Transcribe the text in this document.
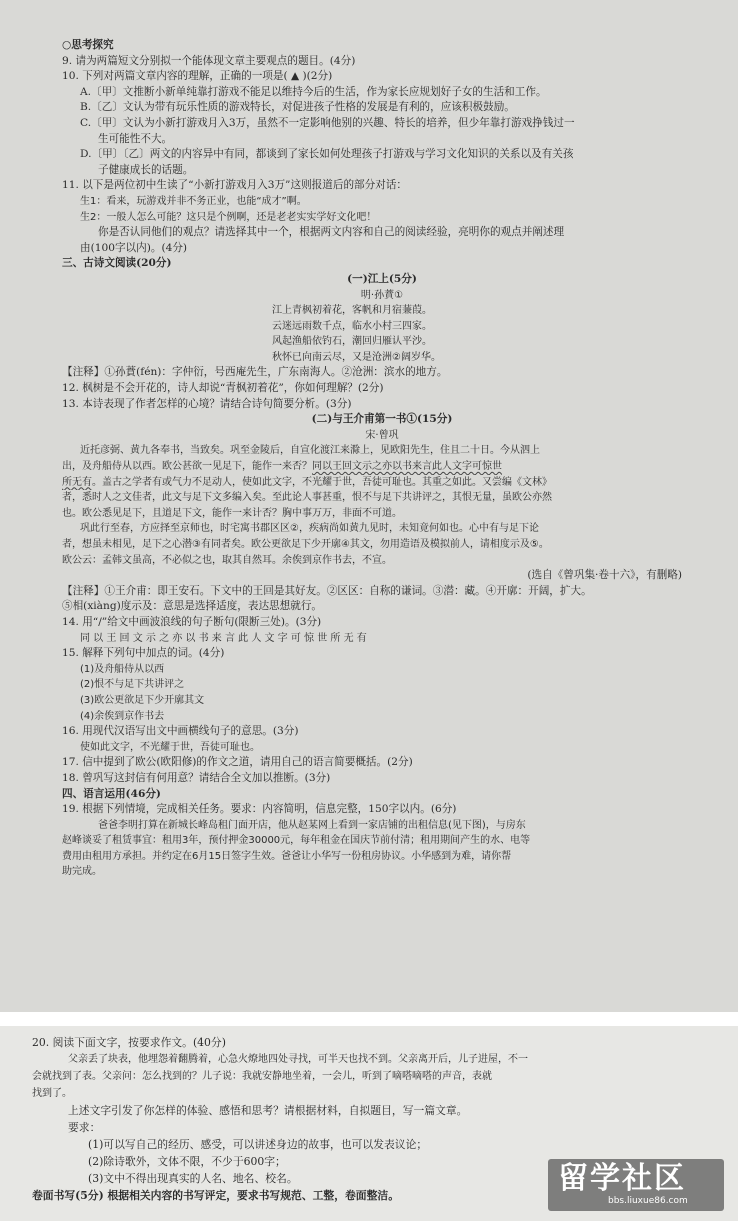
○思考探究
9. 请为两篇短文分别拟一个能体现文章主要观点的题目。(4分)
10. 下列对两篇文章内容的理解，正确的一项是( ▲ )(2分)
A.〔甲〕文推断小新单纯靠打游戏不能足以维持今后的生活，作为家长应规划好子女的生活和工作。
B.〔乙〕文认为带有玩乐性质的游戏特长，对促进孩子性格的发展是有利的，应该积极鼓励。
C.〔甲〕文认为小新打游戏月入3万，虽然不一定影响他别的兴趣、特长的培养，但少年靠打游戏挣钱过一
生可能性不大。
D.〔甲〕〔乙〕两文的内容异中有同，都谈到了家长如何处理孩子打游戏与学习文化知识的关系以及有关孩
子健康成长的话题。
11. 以下是两位初中生读了“小新打游戏月入3万”这则报道后的部分对话：
生1：看来，玩游戏并非不务正业，也能“成才”啊。
生2：一般人怎么可能？这只是个例啊，还是老老实实学好文化吧！
你是否认同他们的观点？请选择其中一个，根据两文内容和自己的阅读经验，亮明你的观点并阐述理
由(100字以内)。(4分)
三、古诗文阅读(20分)
(一)江上(5分)
明·孙蕡①
江上青枫初着花，客帆和月宿蒹葭。
云迷远雨数千点，临水小村三四家。
风起渔船依钓石，潮回归雁认平沙。
秋怀已向南云尽，又是沧洲②阔岁华。
【注释】①孙蕡(fén)：字仲衍，号西庵先生，广东南海人。②沧洲：滨水的地方。
12. 枫树是不会开花的，诗人却说“青枫初着花”，你如何理解？(2分)
13. 本诗表现了作者怎样的心境？请结合诗句简要分析。(3分)
(二)与王介甫第一书①(15分)
宋·曾巩
近托彦弼、黄九各奉书，当致矣。巩至金陵后，自宣化渡江来滁上，见欧阳先生，住且二十日。今从泗上
出，及舟船侍从以西。欧公甚欲一见足下，能作一来否？同以王回文示之亦以书来言此人文字可惊世
所无有。盖古之学者有或气力不足动人，使如此文字，不光耀于世，吾徒可耻也。其重之如此。又尝编《文林》
者，悉时人之文佳者，此文与足下文多编入矣。至此论人事甚重，恨不与足下共讲评之，其恨无量，虽欧公亦然
也。欧公悉见足下，且道足下文，能作一来计否？胸中事万万，非面不可道。
巩此行至春，方应择至京师也，时宅寓书郡区区②，疾病尚如黄九见时，未知竟何如也。心中有与足下论
者，想虽未相见，足下之心潜③有同者矣。欧公更欲足下少开廓④其文，勿用造语及模拟前人，请相度示及⑤。
欧公云：孟韩文虽高，不必似之也，取其自然耳。余俟到京作书去，不宣。
(选自《曾巩集·卷十六》，有删略)
【注释】①王介甫：即王安石。下文中的王回是其好友。②区区：自称的谦词。③潜：藏。④开廓：开阔，扩大。
⑤相(xiàng)度示及：意思是选择适度，表达思想就行。
14. 用“/”给文中画波浪线的句子断句(限断三处)。(3分)
同 以 王 回 文 示 之 亦 以 书 来 言 此 人 文 字 可 惊 世 所 无 有
15. 解释下列句中加点的词。(4分)
(1)及舟船侍从以西
(2)恨不与足下共讲评之
(3)欧公更欲足下少开廓其文
(4)余俟到京作书去
16. 用现代汉语写出文中画横线句子的意思。(3分)
使如此文字，不光耀于世，吾徒可耻也。
17. 信中提到了欧公(欧阳修)的作文之道，请用自己的语言简要概括。(2分)
18. 曾巩写这封信有何用意？请结合全文加以推断。(3分)
四、语言运用(46分)
19. 根据下列情境，完成相关任务。要求：内容简明，信息完整，150字以内。(6分)
爸爸李明打算在新城长峰岛租门面开店，他从赵某网上看到一家店铺的出租信息(见下图)，与房东
赵峰谈妥了租赁事宜：租用3年，预付押金30000元，每年租金在国庆节前付清；租用期间产生的水、电等
费用由租用方承担。并约定在6月15日签字生效。爸爸让小华写一份租房协议。小华感到为难，请你帮
助完成。
20. 阅读下面文字，按要求作文。(40分)
父亲丢了块表，他埋怨着翻腾着，心急火燎地四处寻找，可半天也找不到。父亲离开后，儿子进屋，不一
会就找到了表。父亲问：怎么找到的？儿子说：我就安静地坐着，一会儿，听到了嘀嗒嘀嗒的声音，表就
找到了。
上述文字引发了你怎样的体验、感悟和思考？请根据材料，自拟题目，写一篇文章。
要求：
(1)可以写自己的经历、感受，可以讲述身边的故事，也可以发表议论；
(2)除诗歌外，文体不限，不少于600字；
(3)文中不得出现真实的人名、地名、校名。
卷面书写(5分) 根据相关内容的书写评定，要求书写规范、工整，卷面整洁。	留学社区
bbs.liuxue86.com
